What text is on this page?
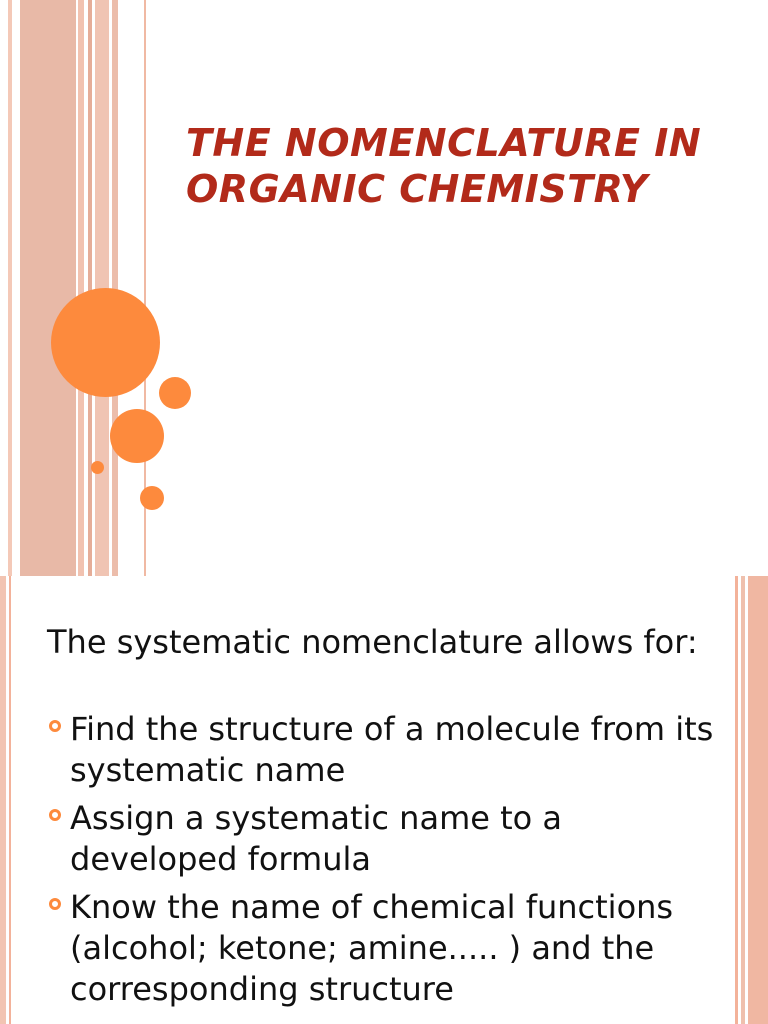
THE NOMENCLATURE IN ORGANIC CHEMISTRY

The systematic nomenclature allows for:

Find the structure of a molecule from its systematic name
Assign a systematic name to a developed formula
Know the name of chemical functions (alcohol; ketone; amine..... ) and the corresponding structure
